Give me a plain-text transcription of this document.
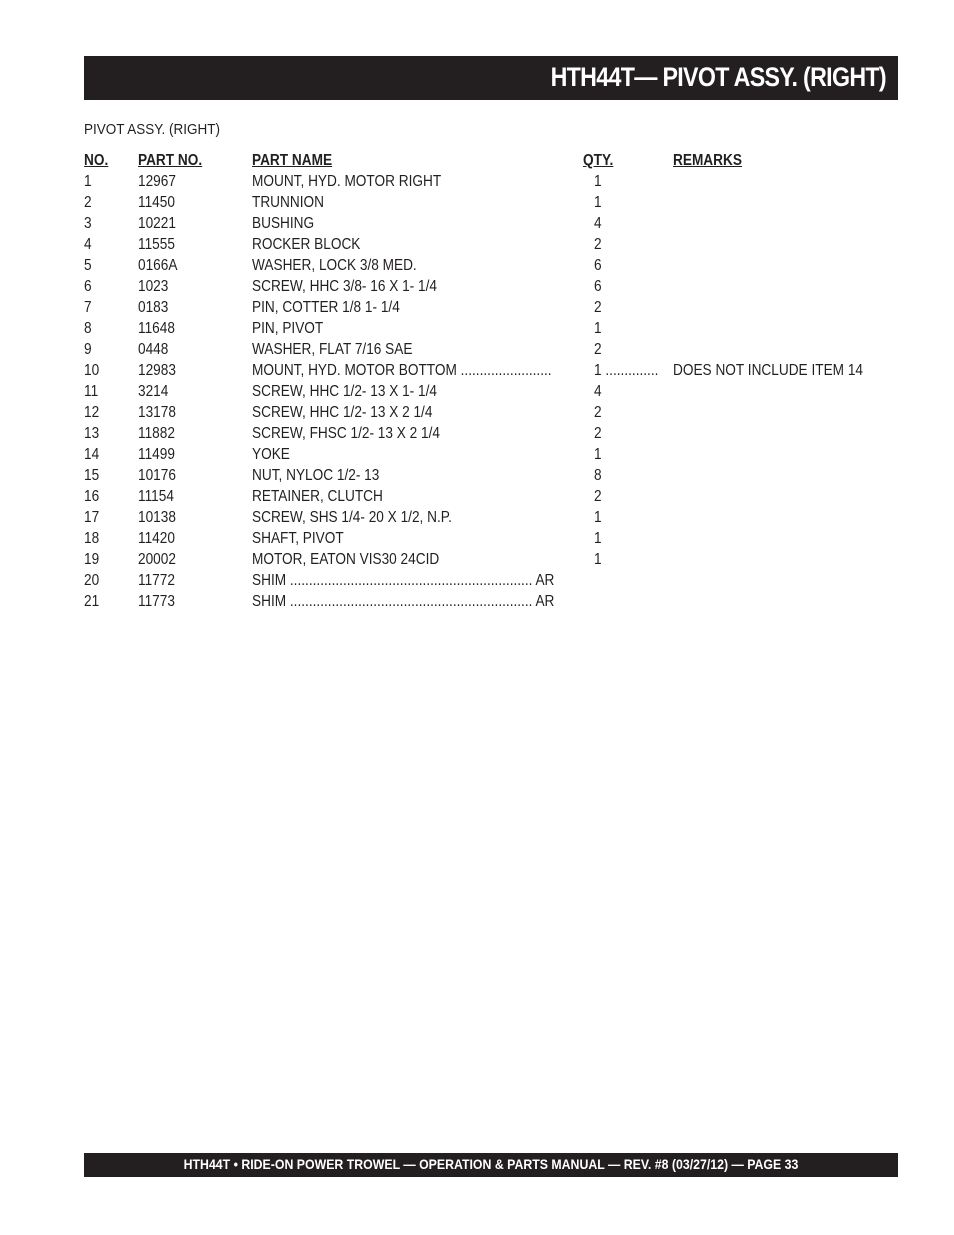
HTH44T— PIVOT ASSY. (RIGHT)
PIVOT ASSY. (RIGHT)
NO. PART NO.	PART NAME	QTY.	REMARKS
1	12967	MOUNT, HYD. MOTOR RIGHT	1
2	11450	TRUNNION	1
3	10221	BUSHING	4
4	11555	ROCKER BLOCK	2
5	0166A	WASHER, LOCK 3/8 MED.	6
6	1023	SCREW, HHC 3/8- 16 X 1- 1/4	6
7	0183	PIN, COTTER 1/8 1- 1/4	2
8	11648	PIN, PIVOT	1
9	0448	WASHER, FLAT 7/16 SAE	2
10	12983	MOUNT, HYD. MOTOR BOTTOM ........................	1 .............. DOES NOT INCLUDE ITEM 14
11	3214	SCREW, HHC 1/2- 13 X 1- 1/4	4
12	13178	SCREW, HHC 1/2- 13 X 2 1/4	2
13	11882	SCREW, FHSC 1/2- 13 X 2 1/4	2
14	11499	YOKE	1
15	10176	NUT, NYLOC 1/2- 13	8
16	11154	RETAINER, CLUTCH	2
17	10138	SCREW, SHS 1/4- 20 X 1/2, N.P.	1
18	11420	SHAFT, PIVOT	1
19	20002	MOTOR, EATON VIS30 24CID	1
20	11772	SHIM ................................................................ AR
21	11773	SHIM ................................................................ AR
HTH44T • RIDE-ON POWER TROWEL — OPERATION & PARTS MANUAL — REV. #8 (03/27/12) — PAGE 33
